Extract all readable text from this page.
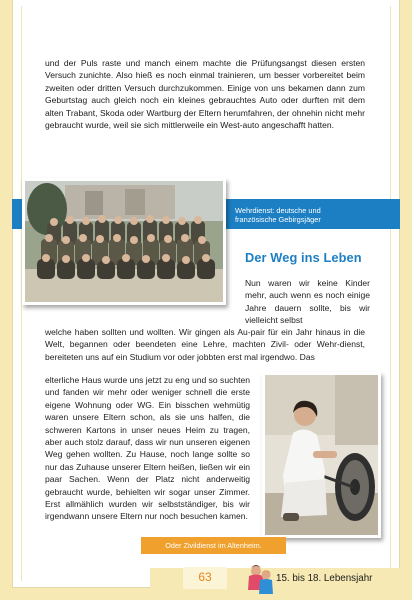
und der Puls raste und manch einem machte die Prüfungsangst diesen ersten Versuch zunichte. Also hieß es noch einmal trainieren, um besser vorbereitet beim zweiten oder dritten Versuch durchzukommen. Einige von uns bekamen dann zum Geburtstag auch gleich noch ein kleines gebrauchtes Auto oder durften mit dem alten Trabant, Skoda oder Wartburg der Eltern herumfahren, der ohnehin nicht mehr gebraucht wurde, weil sie sich mittlerweile ein West-auto angeschafft hatten.

Wehrdienst: deutsche und französische Gebirgsjäger

Der Weg ins Leben

Nun waren wir keine Kinder mehr, auch wenn es noch einige Jahre dauern sollte, bis wir vielleicht selbst

welche haben sollten und wollten. Wir gingen als Au-pair für ein Jahr hinaus in die Welt, begannen oder beendeten eine Lehre, machten Zivil- oder Wehr-dienst, bereiteten uns auf ein Studium vor oder jobbten erst mal irgendwo. Das

elterliche Haus wurde uns jetzt zu eng und so suchten und fanden wir mehr oder weniger schnell die erste eigene Wohnung oder WG. Ein bisschen wehmütig waren unsere Eltern schon, als sie uns halfen, die schweren Kartons in unser neues Heim zu tragen, aber auch stolz darauf, dass wir nun unseren eigenen Weg gehen wollten. Zu Hause, noch lange sollte so nur das Zuhause unserer Eltern heißen, ließen wir ein paar Sachen. Wenn der Platz nicht anderweitig gebraucht wurde, behielten wir sogar unser Zimmer. Erst allmählich wurden wir selbstständiger, bis wir irgendwann unsere Eltern nur noch besuchen kamen.

Oder Zivildienst im Altenheim.
63	15. bis 18. Lebensjahr
